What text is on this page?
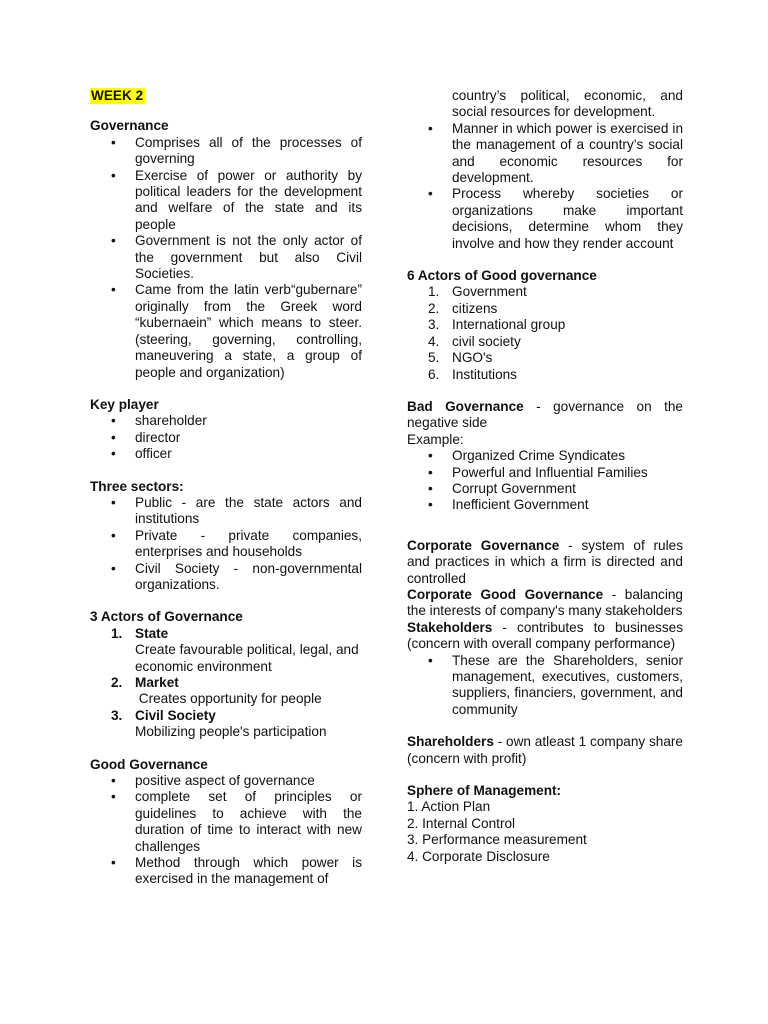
WEEK 2

Governance

• Comprises all of the processes of governing
• Exercise of power or authority by political leaders for the development and welfare of the state and its people
• Government is not the only actor of the government but also Civil Societies.
• Came from the latin verb“gubernare” originally from the Greek word “kubernaein” which means to steer. (steering, governing, controlling, maneuvering a state, a group of people and organization)

Key player

• shareholder
• director
• officer

Three sectors:

• Public - are the state actors and institutions
• Private - private companies, enterprises and households
• Civil Society - non-governmental organizations.

3 Actors of Governance

1. State
Create favourable political, legal, and economic environment
2. Market
Creates opportunity for people
3. Civil Society
Mobilizing people's participation

Good Governance

• positive aspect of governance
• complete set of principles or guidelines to achieve with the duration of time to interact with new challenges
• Method through which power is exercised in the management of
country’s political, economic, and social resources for development.
• Manner in which power is exercised in the management of a country’s social and economic resources for development.
• Process whereby societies or organizations make important decisions, determine whom they involve and how they render account

6 Actors of Good governance

1. Government
2. citizens
3. International group
4. civil society
5. NGO's
6. Institutions

Bad Governance - governance on the negative side

Example:

• Organized Crime Syndicates
• Powerful and Influential Families
• Corrupt Government
• Inefficient Government

Corporate Governance - system of rules and practices in which a firm is directed and controlled

Corporate Good Governance - balancing the interests of company's many stakeholders

Stakeholders - contributes to businesses (concern with overall company performance)

• These are the Shareholders, senior management, executives, customers, suppliers, financiers, government, and community

Shareholders - own atleast 1 company share (concern with profit)

Sphere of Management:

1. Action Plan
2. Internal Control
3. Performance measurement
4. Corporate Disclosure
